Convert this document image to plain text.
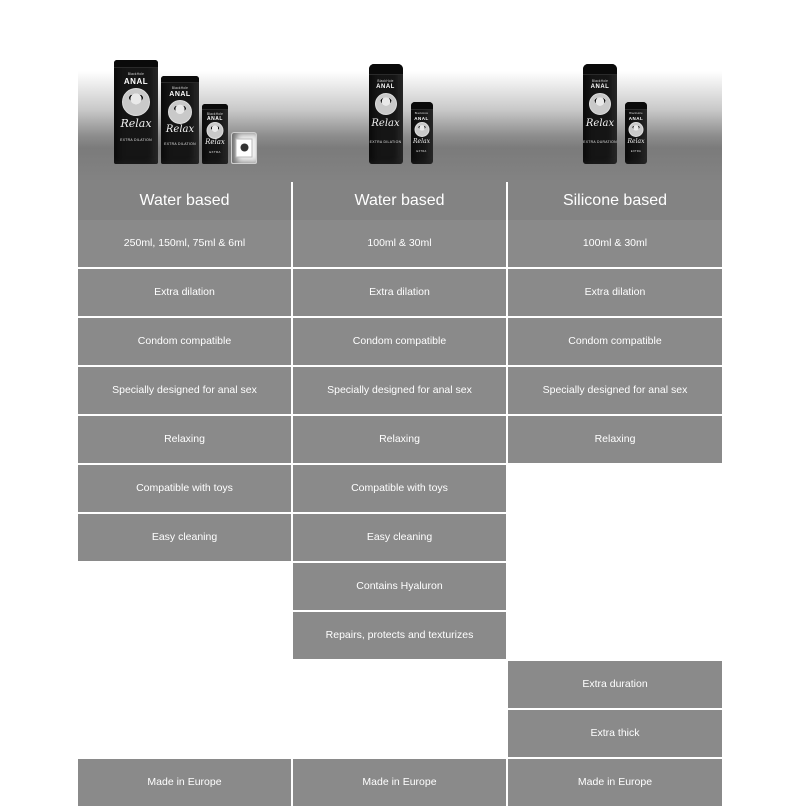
BlackHole
ANAL
Relax
EXTRA DILATION
BlackHole
ANAL
Relax
EXTRA DILATION
BlackHole
ANAL
Relax
EXTRA
BlackHole
ANAL
Relax
EXTRA DILATION
BlackHole
ANAL
Relax
EXTRA
BlackHole
ANAL
Relax
EXTRA DURATION
BlackHole
ANAL
Relax
EXTRA
Water based	Water based	Silicone based
250ml, 150ml, 75ml & 6ml
Extra dilation
Condom compatible
Specially designed for anal sex
Relaxing
Compatible with toys
Easy cleaning
Made in Europe
100ml & 30ml
Extra dilation
Condom compatible
Specially designed for anal sex
Relaxing
Compatible with toys
Easy cleaning
Contains Hyaluron
Repairs, protects and texturizes
Made in Europe
100ml & 30ml
Extra dilation
Condom compatible
Specially designed for anal sex
Relaxing
Extra duration
Extra thick
Made in Europe
